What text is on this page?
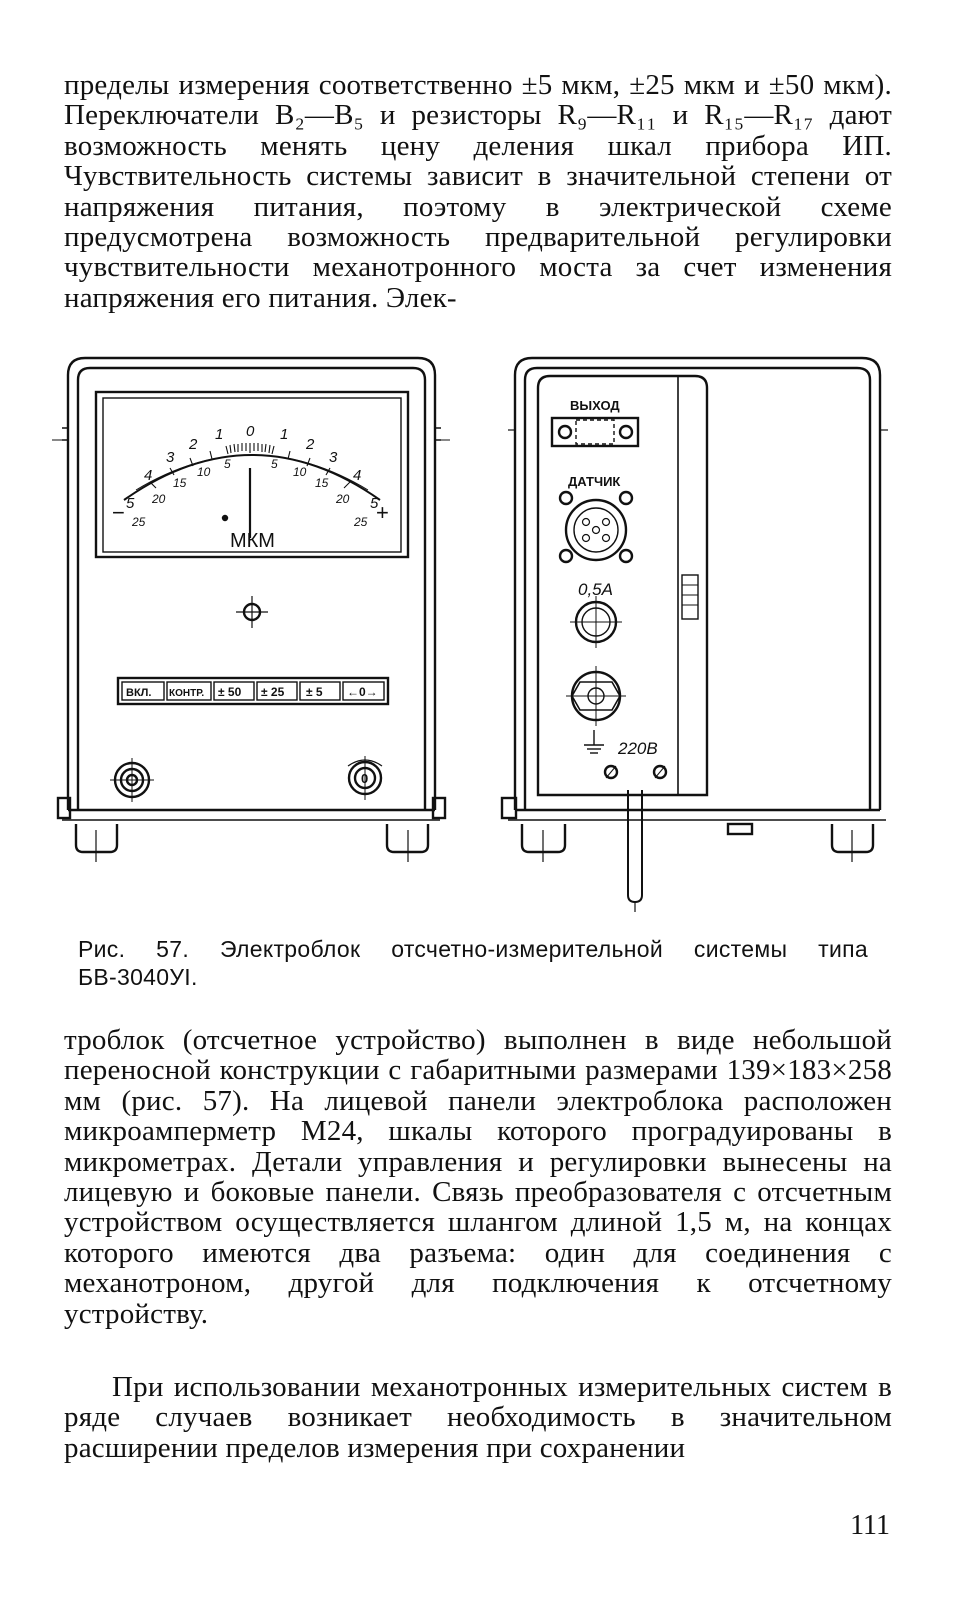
пределы измерения соответственно ±5 мкм, ±25 мкм и ±50 мкм). Переключатели B₂—B₅ и резисторы R₉—R₁₁ и R₁₅—R₁₇ дают возможность менять цену деления шкал прибора ИП. Чувствительность системы зависит в значительной степени от напряжения питания, поэтому в электрической схеме предусмотрена возможность предварительной регулировки чувствительности механотронного моста за счет изменения напряжения его питания. Элек-

5
4
3
2
1 0 1
2
3
4
5
25
20
15
10
5	5
10
15
20
25
−	+
МКМ
ВКЛ. КОНТР. ± 50 ± 25 ± 5 ←0→
0
ВЫХОД
ДАТЧИК
0,5А
220В
Рис. 57. Электроблок отсчетно-измерительной системы типа БВ-3040УI.

троблок (отсчетное устройство) выполнен в виде небольшой переносной конструкции с габаритными размерами 139×183×258 мм (рис. 57). На лицевой панели электроблока расположен микроамперметр М24, шкалы которого проградуированы в микрометрах. Детали управления и регулировки вынесены на лицевую и боковые панели. Связь преобразователя с отсчетным устройством осуществляется шлангом длиной 1,5 м, на концах которого имеются два разъема: один для соединения с механотроном, другой для подключения к отсчетному устройству.

При использовании механотронных измерительных систем в ряде случаев возникает необходимость в значительном расширении пределов измерения при сохранении

111
